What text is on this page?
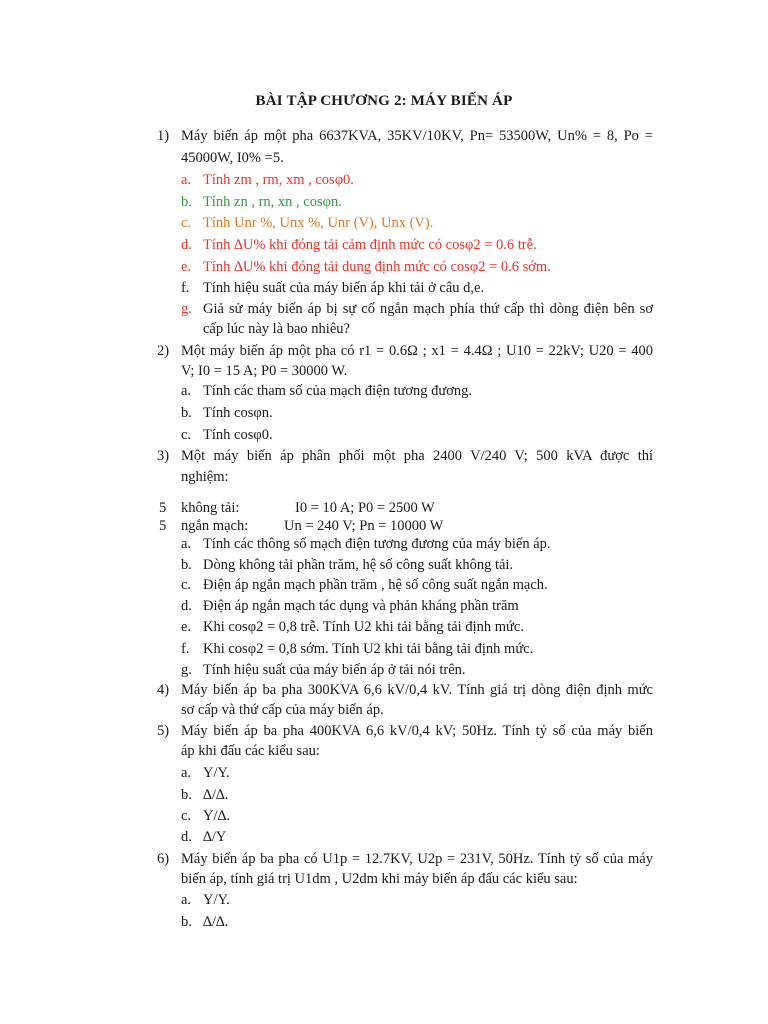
BÀI TẬP CHƯƠNG 2: MÁY BIẾN ÁP
1) Máy biến áp một pha 6637KVA, 35KV/10KV, Pn= 53500W, Un% = 8, Po =
45000W, I0% =5.
a. Tính zm , rm, xm , cosφ0.
b. Tính zn , rn, xn , cosφn.
c. Tính Unr %, Unx %, Unr (V), Unx (V).
d. Tính ∆U% khi đóng tải cảm định mức có cosφ2 = 0.6 trễ.
e. Tính ∆U% khi đóng tải dung định mức có cosφ2 = 0.6 sớm.
f. Tính hiệu suất của máy biến áp khi tải ở câu d,e.
g. Giả sử máy biến áp bị sự cố ngắn mạch phía thứ cấp thì dòng điện bên sơ
cấp lúc này là bao nhiêu?
2) Một máy biến áp một pha có r1 = 0.6Ω ; x1 = 4.4Ω ; U10 = 22kV; U20 = 400
V; I0 = 15 A; P0 = 30000 W.
a. Tính các tham số của mạch điện tương đương.
b. Tính cosφn.
c. Tính cosφ0.
3) Một máy biến áp phân phối một pha 2400 V/240 V; 500 kVA được thí
nghiệm:
5 không tải:	I0 = 10 A; P0 = 2500 W
5 ngắn mạch: Un = 240 V; Pn = 10000 W
a. Tính các thông số mạch điện tương đương của máy biến áp.
b. Dòng không tải phần trăm, hệ số công suất không tải.
c. Điện áp ngắn mạch phần trăm , hệ số công suất ngắn mạch.
d. Điện áp ngắn mạch tác dụng và phản kháng phần trăm
e. Khi cosφ2 = 0,8 trễ. Tính U2 khi tải bằng tải định mức.
f. Khi cosφ2 = 0,8 sớm. Tính U2 khi tải bằng tải định mức.
g. Tính hiệu suất của máy biến áp ở tải nói trên.
4) Máy biến áp ba pha 300KVA 6,6 kV/0,4 kV. Tính giá trị dòng điện định mức
sơ cấp và thứ cấp của máy biến áp.
5) Máy biến áp ba pha 400KVA 6,6 kV/0,4 kV; 50Hz. Tính tỷ số của máy biến
áp khi đấu các kiểu sau:
a. Y/Y.
b. ∆/∆.
c. Y/∆.
d. ∆/Y
6) Máy biến áp ba pha có U1p = 12.7KV, U2p = 231V, 50Hz. Tính tỷ số của máy
biến áp, tính giá trị U1dm , U2dm khi máy biến áp đấu các kiểu sau:
a. Y/Y.
b. ∆/∆.
